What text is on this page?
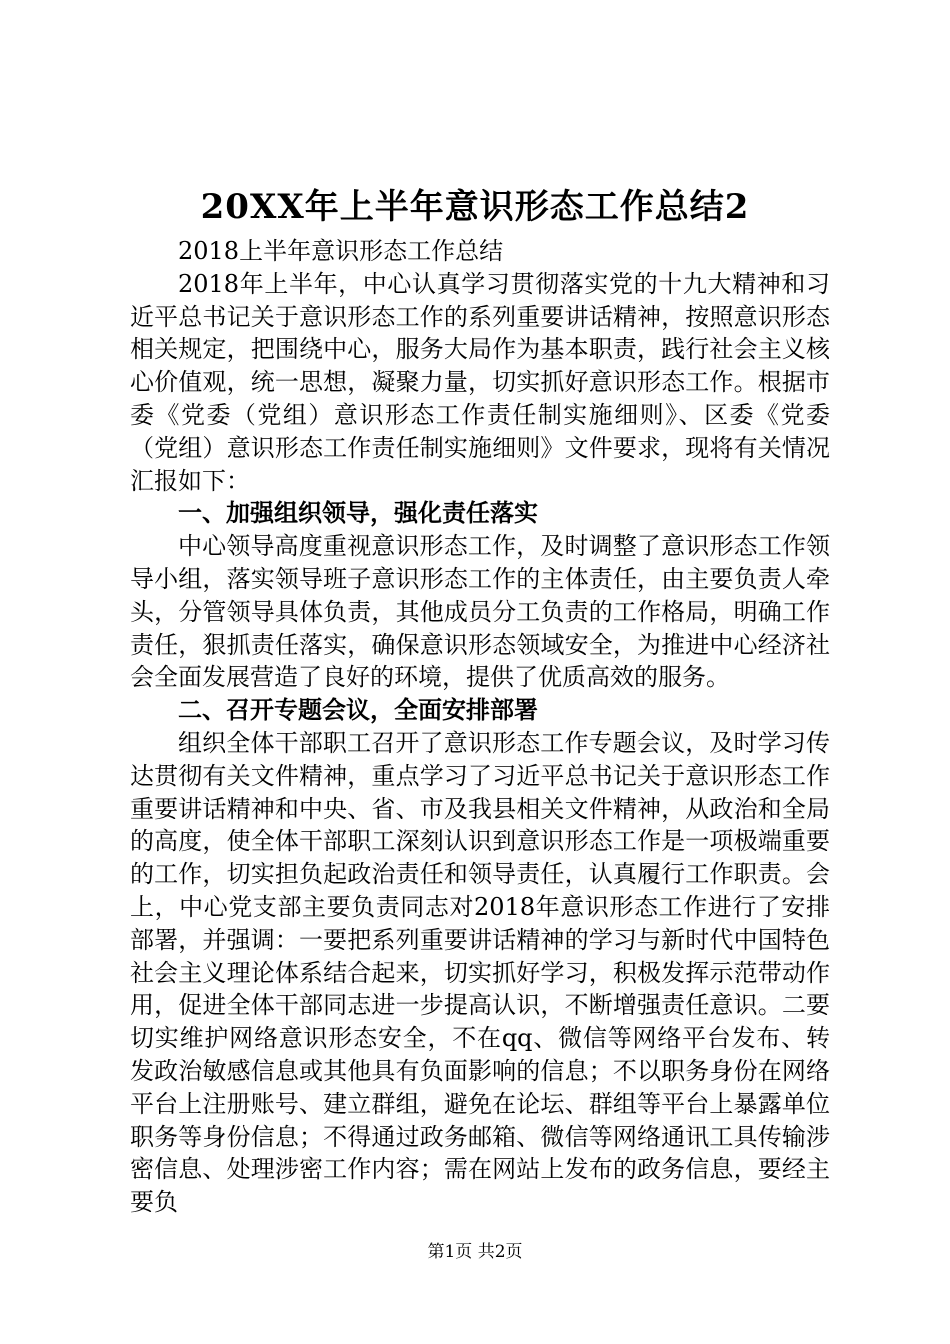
20XX年上半年意识形态工作总结2

2018上半年意识形态工作总结

2018年上半年，中心认真学习贯彻落实党的十九大精神和习近平总书记关于意识形态工作的系列重要讲话精神，按照意识形态相关规定，把围绕中心，服务大局作为基本职责，践行社会主义核心价值观，统一思想，凝聚力量，切实抓好意识形态工作。根据市委《党委（党组）意识形态工作责任制实施细则》、区委《党委（党组）意识形态工作责任制实施细则》文件要求，现将有关情况汇报如下：

一、加强组织领导，强化责任落实

中心领导高度重视意识形态工作，及时调整了意识形态工作领导小组，落实领导班子意识形态工作的主体责任，由主要负责人牵头，分管领导具体负责，其他成员分工负责的工作格局，明确工作责任，狠抓责任落实，确保意识形态领域安全，为推进中心经济社会全面发展营造了良好的环境，提供了优质高效的服务。

二、召开专题会议，全面安排部署

组织全体干部职工召开了意识形态工作专题会议，及时学习传达贯彻有关文件精神，重点学习了习近平总书记关于意识形态工作重要讲话精神和中央、省、市及我县相关文件精神，从政治和全局的高度，使全体干部职工深刻认识到意识形态工作是一项极端重要的工作，切实担负起政治责任和领导责任，认真履行工作职责。会上，中心党支部主要负责同志对2018年意识形态工作进行了安排部署，并强调：一要把系列重要讲话精神的学习与新时代中国特色社会主义理论体系结合起来，切实抓好学习，积极发挥示范带动作用，促进全体干部同志进一步提高认识，不断增强责任意识。二要切实维护网络意识形态安全，不在qq、微信等网络平台发布、转发政治敏感信息或其他具有负面影响的信息；不以职务身份在网络平台上注册账号、建立群组，避免在论坛、群组等平台上暴露单位职务等身份信息；不得通过政务邮箱、微信等网络通讯工具传输涉密信息、处理涉密工作内容；需在网站上发布的政务信息，要经主要负

第1页 共2页
